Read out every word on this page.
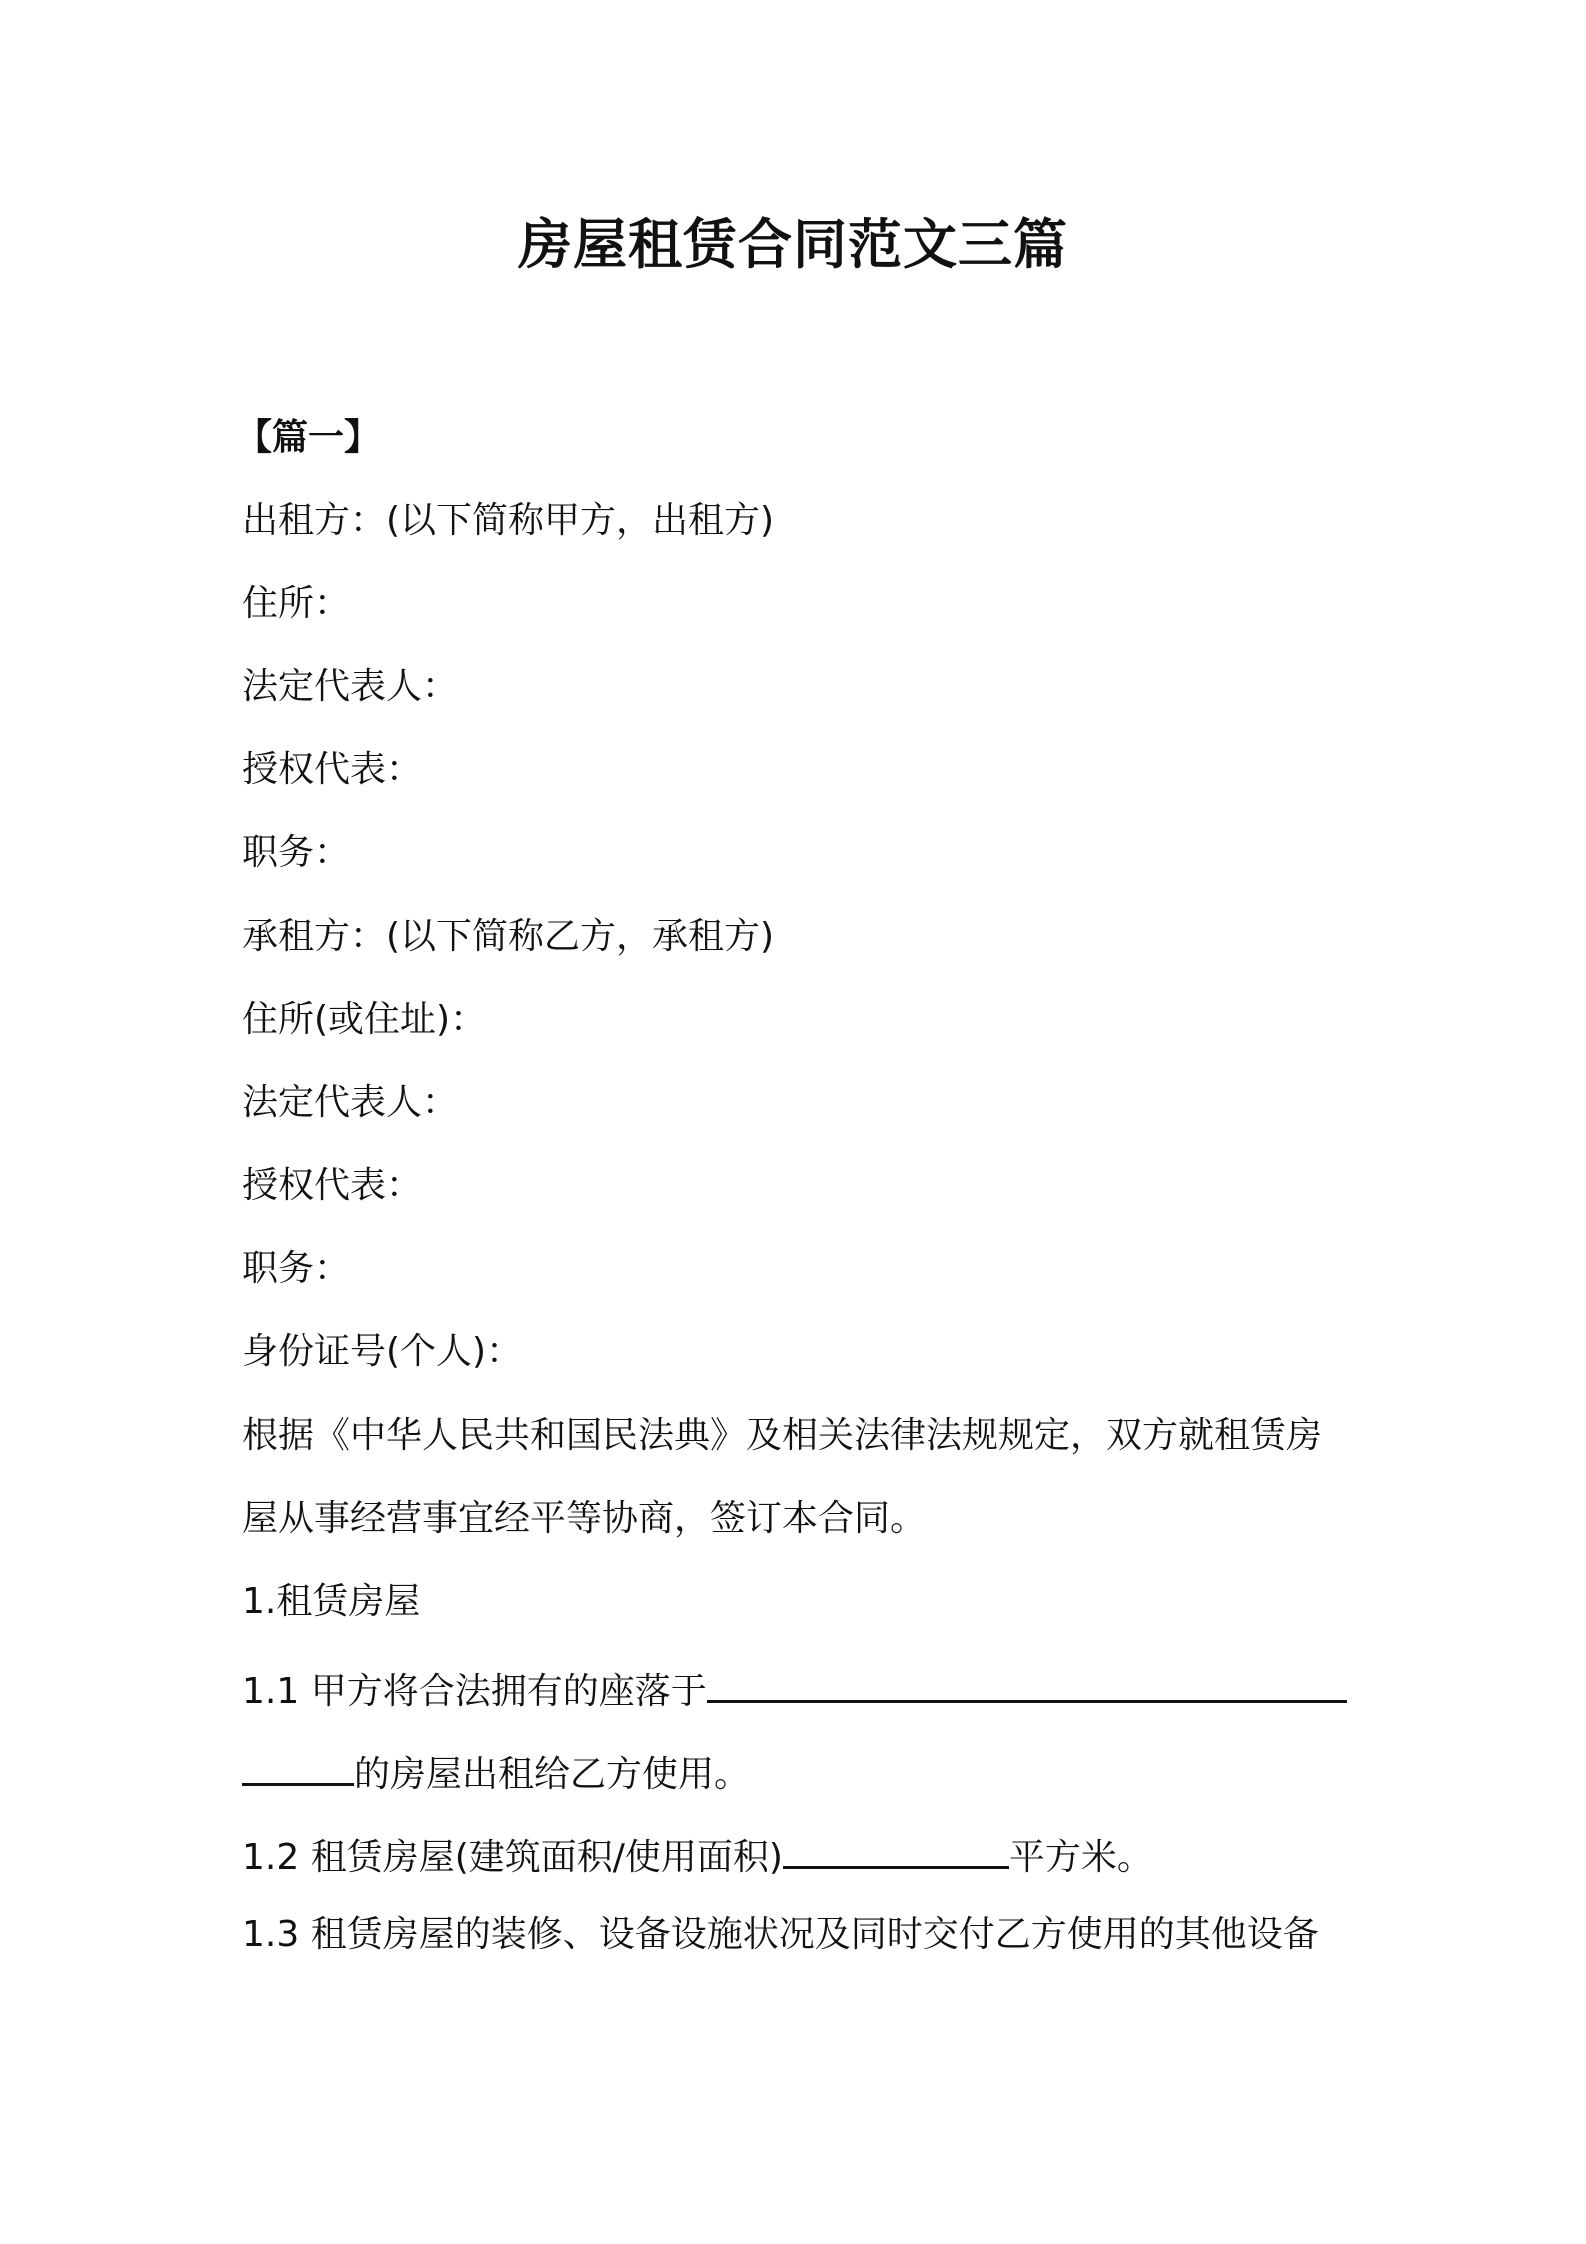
房屋租赁合同范文三篇
【篇一】
出租方：(以下简称甲方，出租方)
住所：
法定代表人：
授权代表：
职务：
承租方：(以下简称乙方，承租方)
住所(或住址)：
法定代表人：
授权代表：
职务：
身份证号(个人)：
根据《中华人民共和国民法典》及相关法律法规规定，双方就租赁房
屋从事经营事宜经平等协商，签订本合同。
1.租赁房屋
1.1 甲方将合法拥有的座落于
的房屋出租给乙方使用。
1.2 租赁房屋(建筑面积/使用面积)	平方米。
1.3 租赁房屋的装修、设备设施状况及同时交付乙方使用的其他设备
